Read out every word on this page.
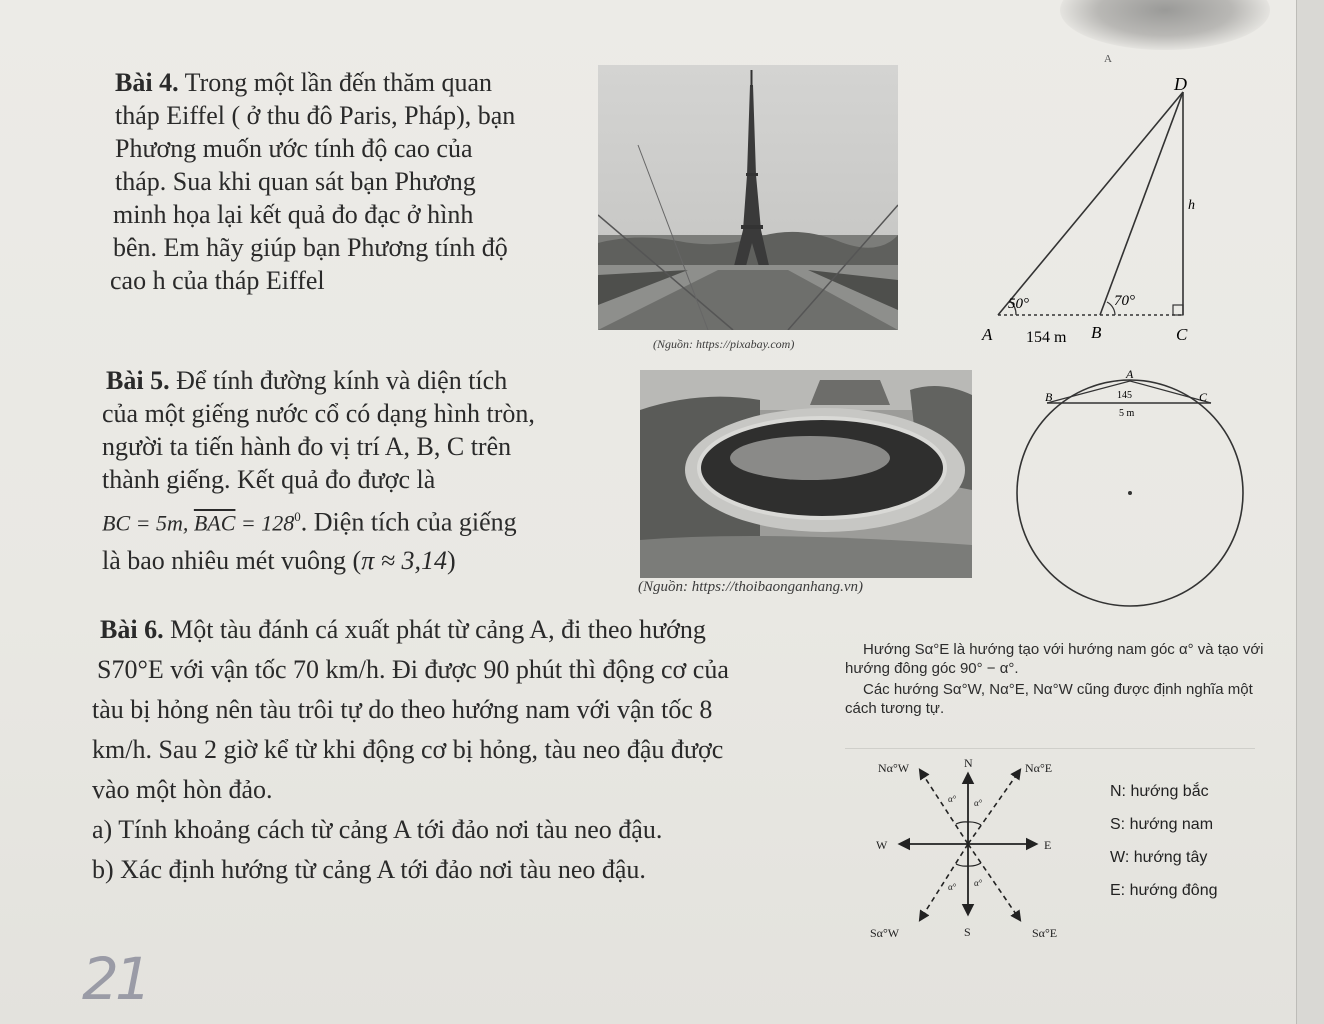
A
Bài 4. Trong một lần đến thăm quan
tháp Eiffel ( ở thu đô Paris, Pháp), bạn
Phương muốn ước tính độ cao của
tháp. Sua khi quan sát bạn Phương
minh họa lại kết quả đo đạc ở hình
bên. Em hãy giúp bạn Phương tính độ
cao h của tháp Eiffel
(Nguồn: https://pixabay.com)
D
h
50°	70°
A 154 m B	C
Bài 5. Để tính đường kính và diện tích
của một giếng nước cổ có dạng hình tròn,
người ta tiến hành đo vị trí A, B, C trên
thành giếng. Kết quả đo được là
BC = 5m, $\overline{BAC} = 128^0$. Diện tích của giếng
là bao nhiêu mét vuông (π ≈ 3,14)
(Nguồn: https://thoibaonganhang.vn)
A
B	C
145
5 m
Bài 6. Một tàu đánh cá xuất phát từ cảng A, đi theo hướng
S70°E với vận tốc 70 km/h. Đi được 90 phút thì động cơ của
tàu bị hỏng nên tàu trôi tự do theo hướng nam với vận tốc 8
km/h. Sau 2 giờ kể từ khi động cơ bị hỏng, tàu neo đậu được
vào một hòn đảo.
a) Tính khoảng cách từ cảng A tới đảo nơi tàu neo đậu.
b) Xác định hướng từ cảng A tới đảo nơi tàu neo đậu.
Hướng Sα°E là hướng tạo với hướng nam góc α° và tạo với hướng đông góc 90° − α°.
Các hướng Sα°W, Nα°E, Nα°W cũng được định nghĩa một cách tương tự.
N
S
W	E
Nα°W	Nα°E
Sα°W	Sα°E
α° α°
α° α°
N: hướng bắc
S: hướng nam
W: hướng tây
E: hướng đông
21
